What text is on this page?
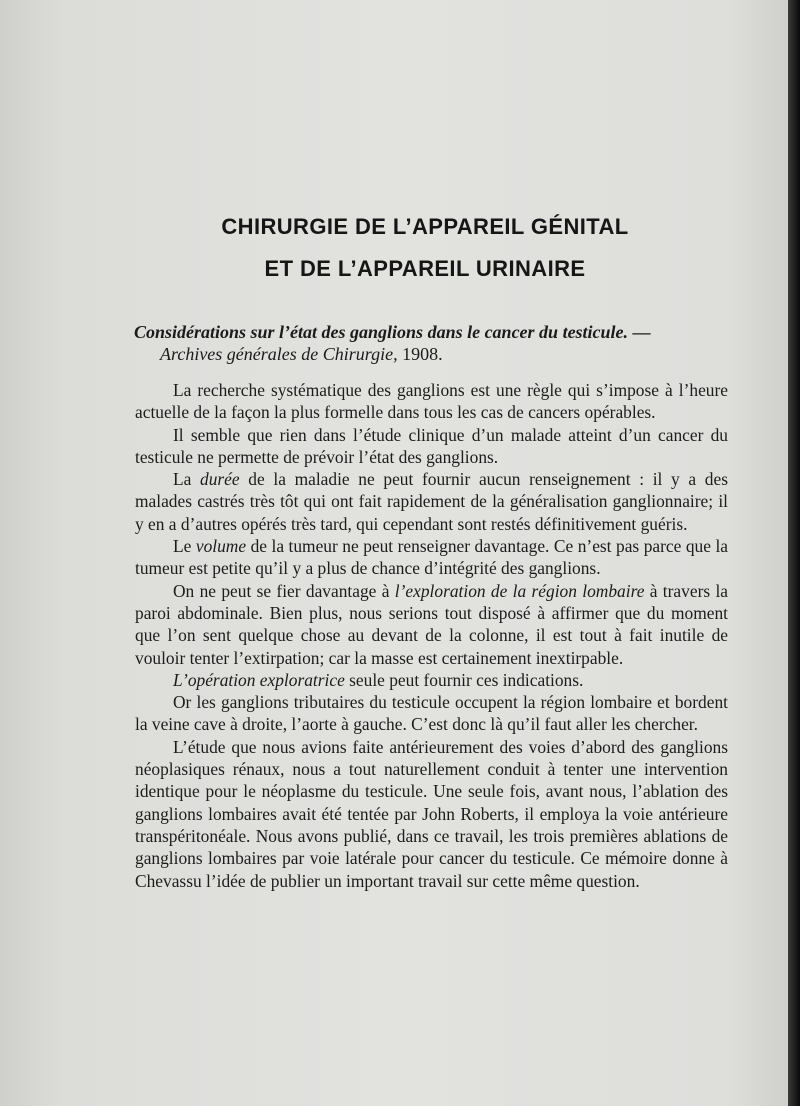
CHIRURGIE DE L’APPAREIL GÉNITAL
ET DE L’APPAREIL URINAIRE
Considérations sur l’état des ganglions dans le cancer du testicule. —
Archives générales de Chirurgie, 1908.

La recherche systématique des ganglions est une règle qui s’impose à l’heure actuelle de la façon la plus formelle dans tous les cas de cancers opérables.

Il semble que rien dans l’étude clinique d’un malade atteint d’un cancer du testicule ne permette de prévoir l’état des ganglions.

La durée de la maladie ne peut fournir aucun renseignement : il y a des malades castrés très tôt qui ont fait rapidement de la généralisation ganglionnaire; il y en a d’autres opérés très tard, qui cependant sont restés définitivement guéris.

Le volume de la tumeur ne peut renseigner davantage. Ce n’est pas parce que la tumeur est petite qu’il y a plus de chance d’intégrité des ganglions.

On ne peut se fier davantage à l’exploration de la région lombaire à travers la paroi abdominale. Bien plus, nous serions tout disposé à affirmer que du moment que l’on sent quelque chose au devant de la colonne, il est tout à fait inutile de vouloir tenter l’extirpation; car la masse est certainement inextirpable.

L’opération exploratrice seule peut fournir ces indications.

Or les ganglions tributaires du testicule occupent la région lombaire et bordent la veine cave à droite, l’aorte à gauche. C’est donc là qu’il faut aller les chercher.

L’étude que nous avions faite antérieurement des voies d’abord des ganglions néoplasiques rénaux, nous a tout naturellement conduit à tenter une intervention identique pour le néoplasme du testicule. Une seule fois, avant nous, l’ablation des ganglions lombaires avait été tentée par John Roberts, il employa la voie antérieure transpéritonéale. Nous avons publié, dans ce travail, les trois premières ablations de ganglions lombaires par voie latérale pour cancer du testicule. Ce mémoire donne à Chevassu l’idée de publier un important travail sur cette même question.
